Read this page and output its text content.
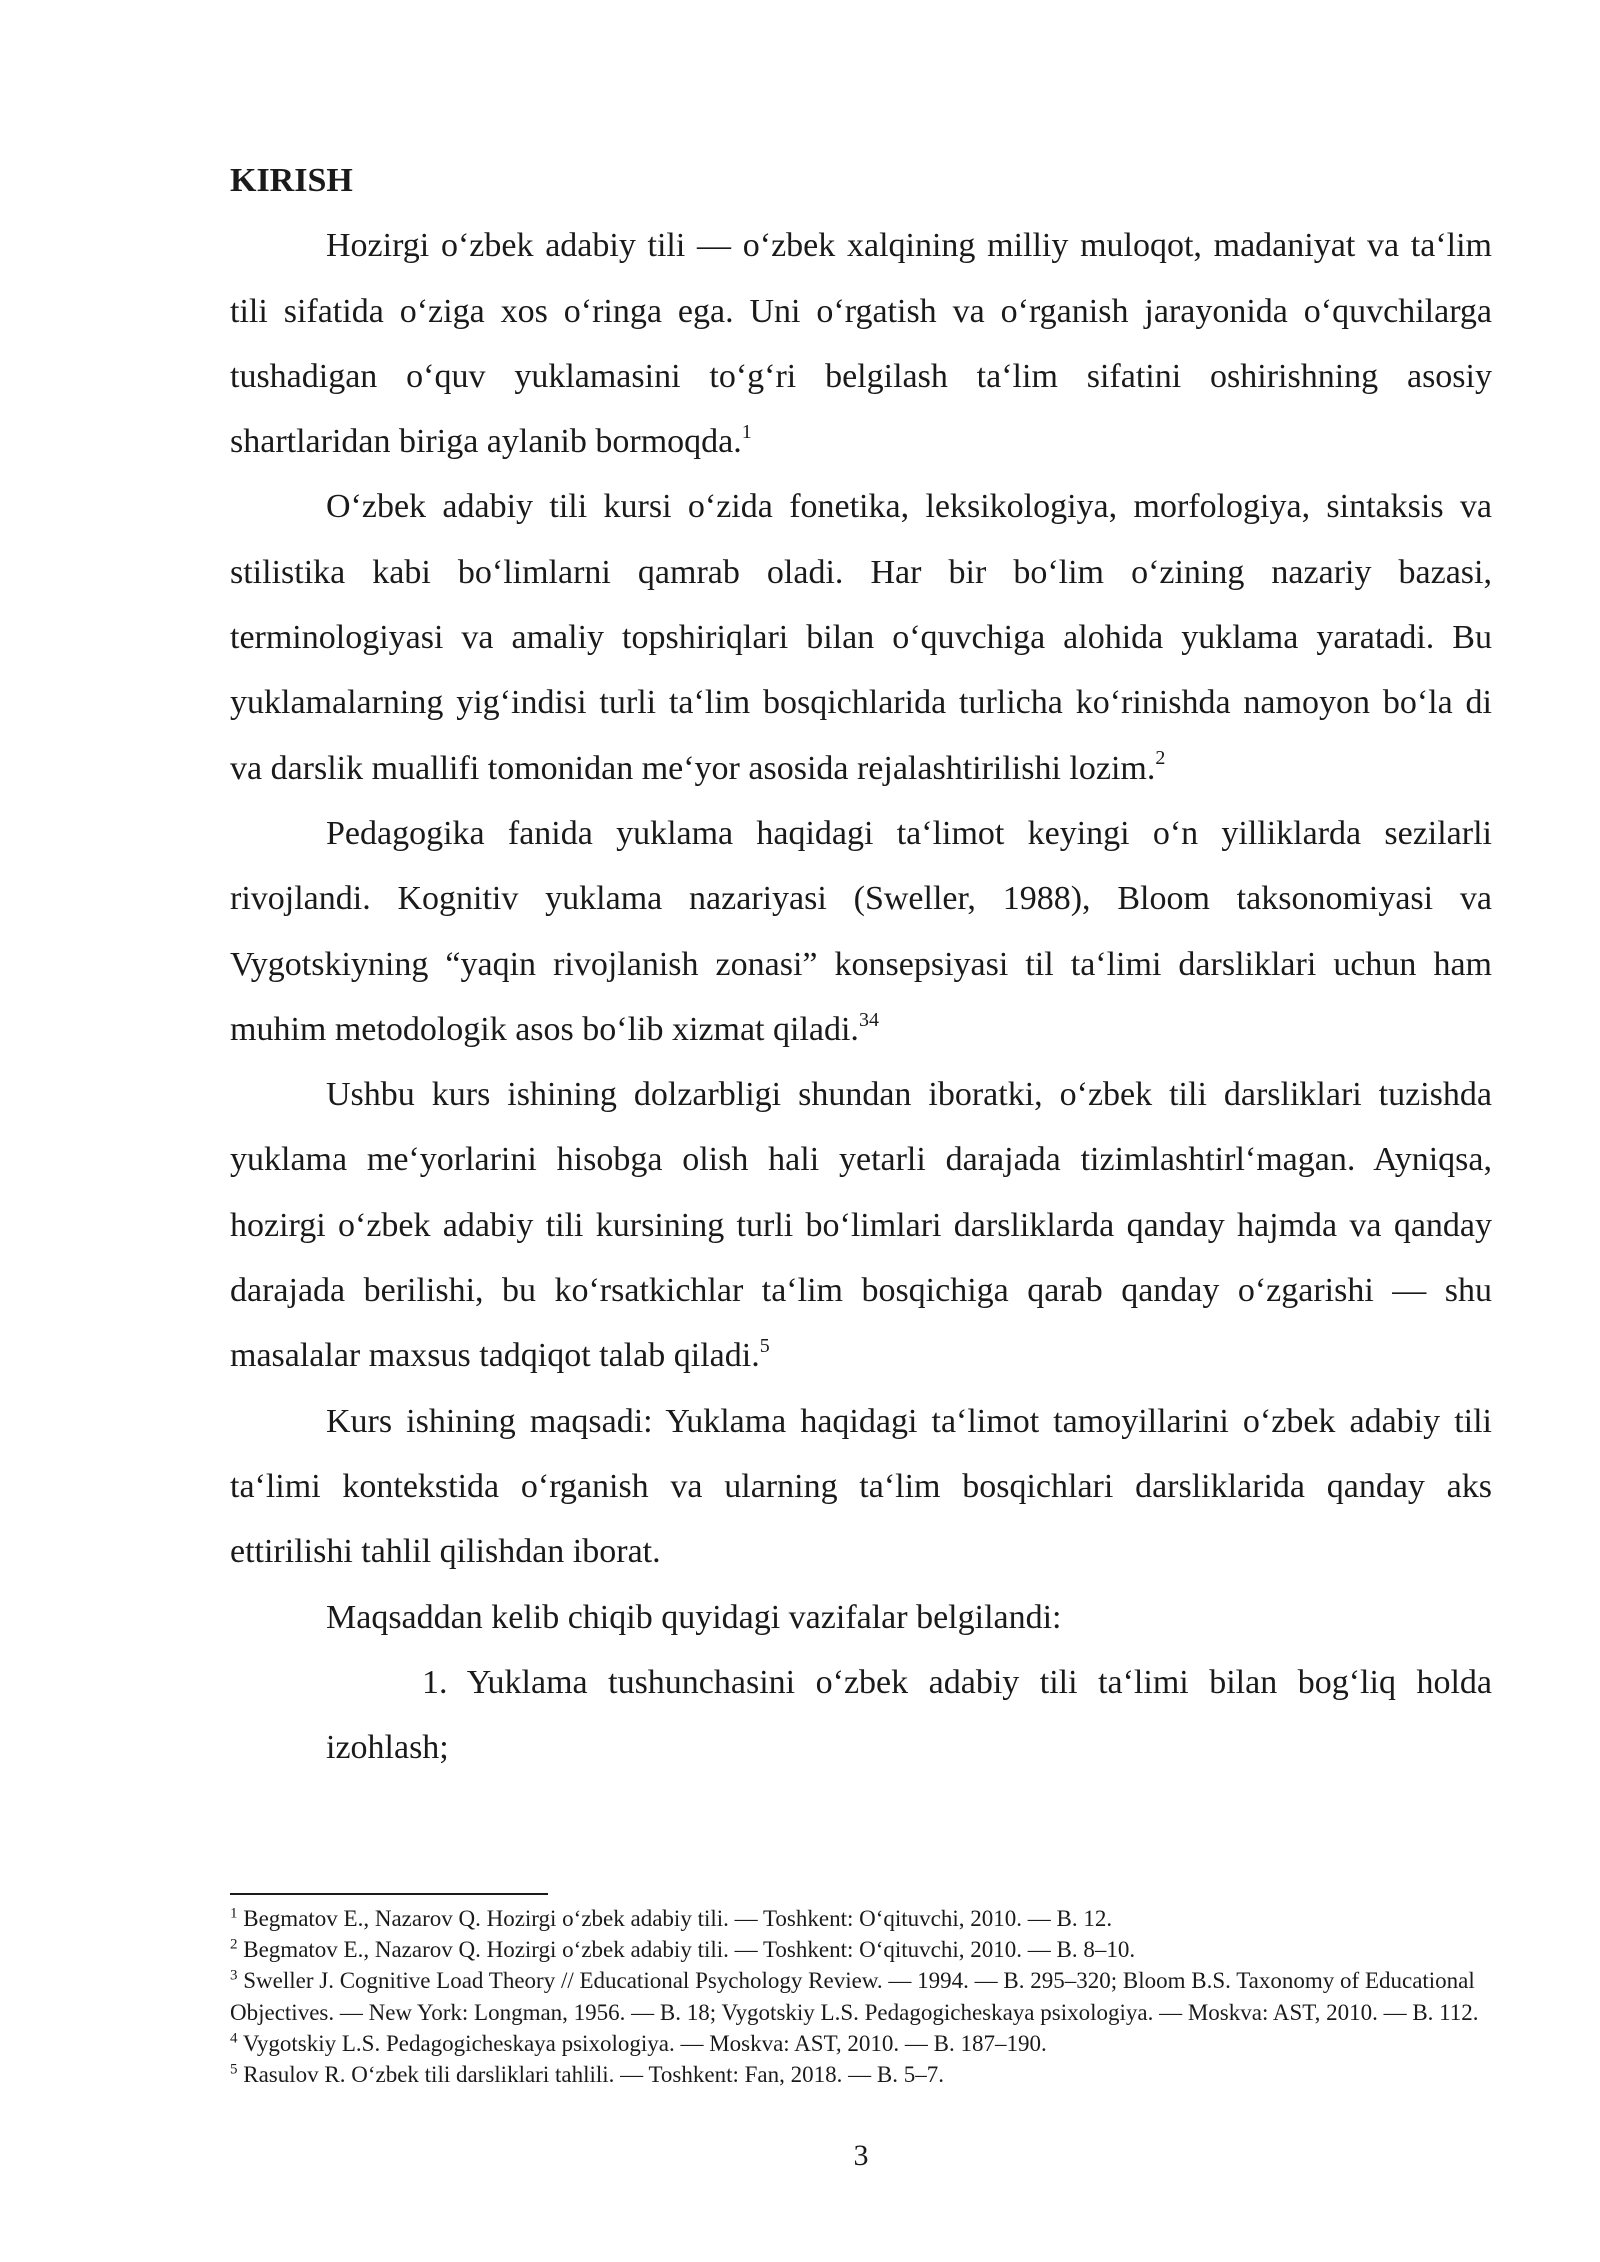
KIRISH

Hozirgi o‘zbek adabiy tili — o‘zbek xalqining milliy muloqot, madaniyat va ta‘lim tili sifatida o‘ziga xos o‘ringa ega. Uni o‘rgatish va o‘rganish jarayonida o‘quvchilarga tushadigan o‘quv yuklamasini to‘g‘ri belgilash ta‘lim sifatini oshirishning asosiy shartlaridan biriga aylanib bormoqda.$^1$

O‘zbek adabiy tili kursi o‘zida fonetika, leksikologiya, morfologiya, sintaksis va stilistika kabi bo‘limlarni qamrab oladi. Har bir bo‘lim o‘zining nazariy bazasi, terminologiyasi va amaliy topshiriqlari bilan o‘quvchiga alohida yuklama yaratadi. Bu yuklamalarning yig‘indisi turli ta‘lim bosqichlarida turlicha ko‘rinishda namoyon bo‘la di va darslik muallifi tomonidan me‘yor asosida rejalashtirilishi lozim.$^2$

Pedagogika fanida yuklama haqidagi ta‘limot keyingi o‘n yilliklarda sezilarli rivojlandi. Kognitiv yuklama nazariyasi (Sweller, 1988), Bloom taksonomiyasi va Vygotskiyning “yaqin rivojlanish zonasi” konsepsiyasi til ta‘limi darsliklari uchun ham muhim metodologik asos bo‘lib xizmat qiladi.$^{34}$

Ushbu kurs ishining dolzarbligi shundan iboratki, o‘zbek tili darsliklari tuzishda yuklama me‘yorlarini hisobga olish hali yetarli darajada tizimlashtirl‘magan. Ayniqsa, hozirgi o‘zbek adabiy tili kursining turli bo‘limlari darsliklarda qanday hajmda va qanday darajada berilishi, bu ko‘rsatkichlar ta‘lim bosqichiga qarab qanday o‘zgarishi — shu masalalar maxsus tadqiqot talab qiladi.$^5$

Kurs ishining maqsadi: Yuklama haqidagi ta‘limot tamoyillarini o‘zbek adabiy tili ta‘limi kontekstida o‘rganish va ularning ta‘lim bosqichlari darsliklarida qanday aks ettirilishi tahlil qilishdan iborat.

Maqsaddan kelib chiqib quyidagi vazifalar belgilandi:

1. Yuklama tushunchasini o‘zbek adabiy tili ta‘limi bilan bog‘liq holda izohlash;

$^1$ Begmatov E., Nazarov Q. Hozirgi o‘zbek adabiy tili. — Toshkent: O‘qituvchi, 2010. — B. 12.

$^2$ Begmatov E., Nazarov Q. Hozirgi o‘zbek adabiy tili. — Toshkent: O‘qituvchi, 2010. — B. 8–10.

$^3$ Sweller J. Cognitive Load Theory // Educational Psychology Review. — 1994. — B. 295–320; Bloom B.S. Taxonomy of Educational Objectives. — New York: Longman, 1956. — B. 18; Vygotskiy L.S. Pedagogicheskaya psixologiya. — Moskva: AST, 2010. — B. 112.

$^4$ Vygotskiy L.S. Pedagogicheskaya psixologiya. — Moskva: AST, 2010. — B. 187–190.

$^5$ Rasulov R. O‘zbek tili darsliklari tahlili. — Toshkent: Fan, 2018. — B. 5–7.

3
